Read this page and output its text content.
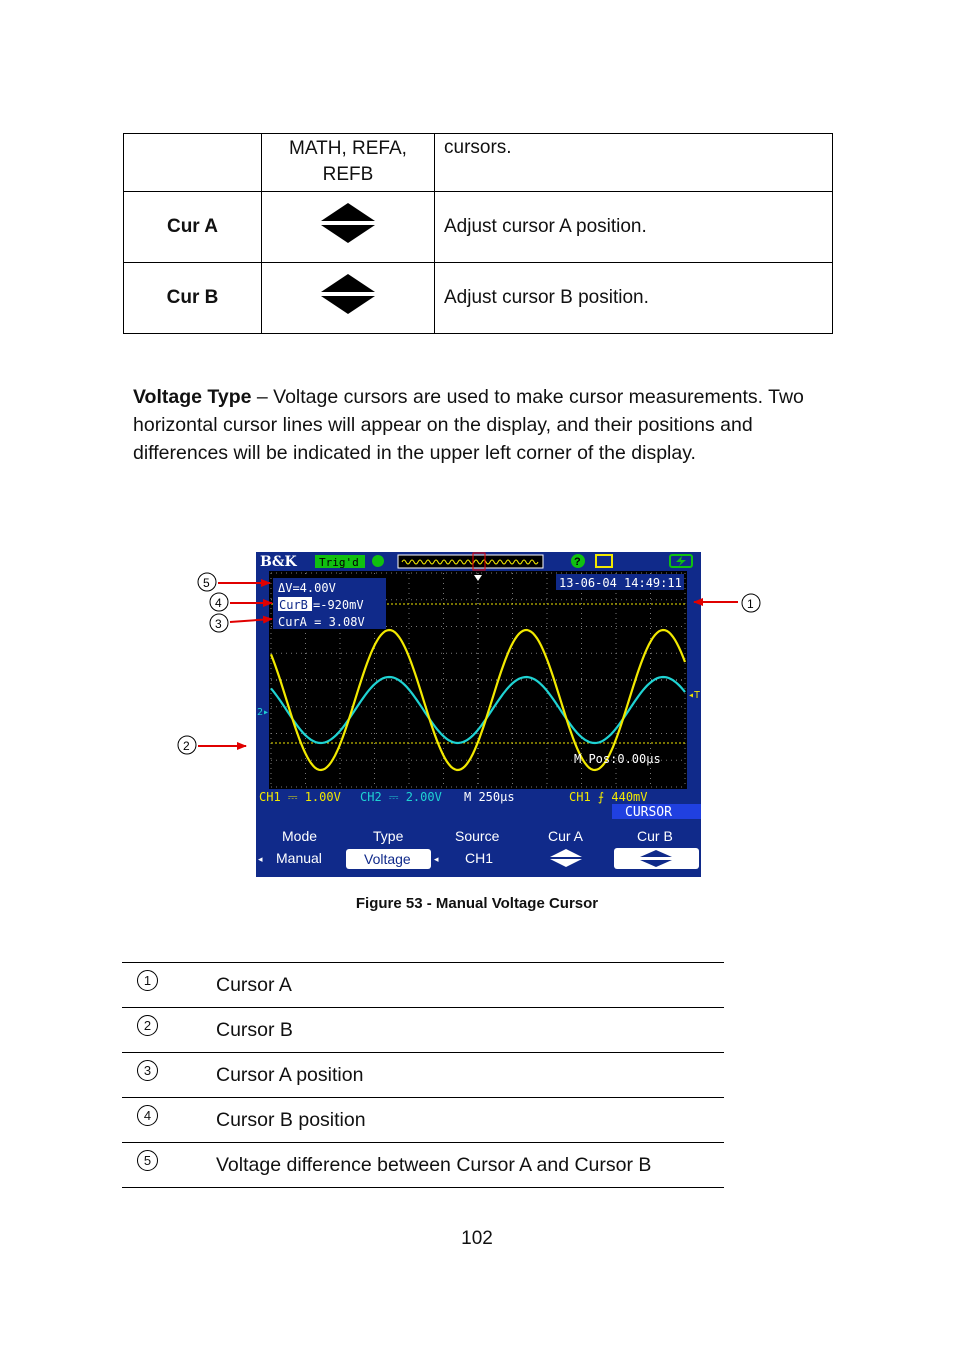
	MATH, REFA,
REFB	cursors.
Cur A		Adjust cursor A position.
Cur B		Adjust cursor B position.

Voltage Type – Voltage cursors are used to make cursor measurements. Two horizontal cursor lines will appear on the display, and their positions and differences will be indicated in the upper left corner of the display.

B&K Trig'd	?
13-06-04 14:49:11
ΔV=4.00V
CurB =-920mV
CurA = 3.08V
2▸
◂T
M Pos:0.00μs
CH1 ⎓ 1.00V CH2 ⎓ 2.00V M 250μs	CH1 ⨍ 440mV
CURSOR
Mode
◂ Manual
Type
Voltage	◂
Source
CH1
Cur A	Cur B
5
4
3
2
1
Figure 53 - Manual Voltage Cursor
1	Cursor A
2	Cursor B
3	Cursor A position
4	Cursor B position
5	Voltage difference between Cursor A and Cursor B
102
